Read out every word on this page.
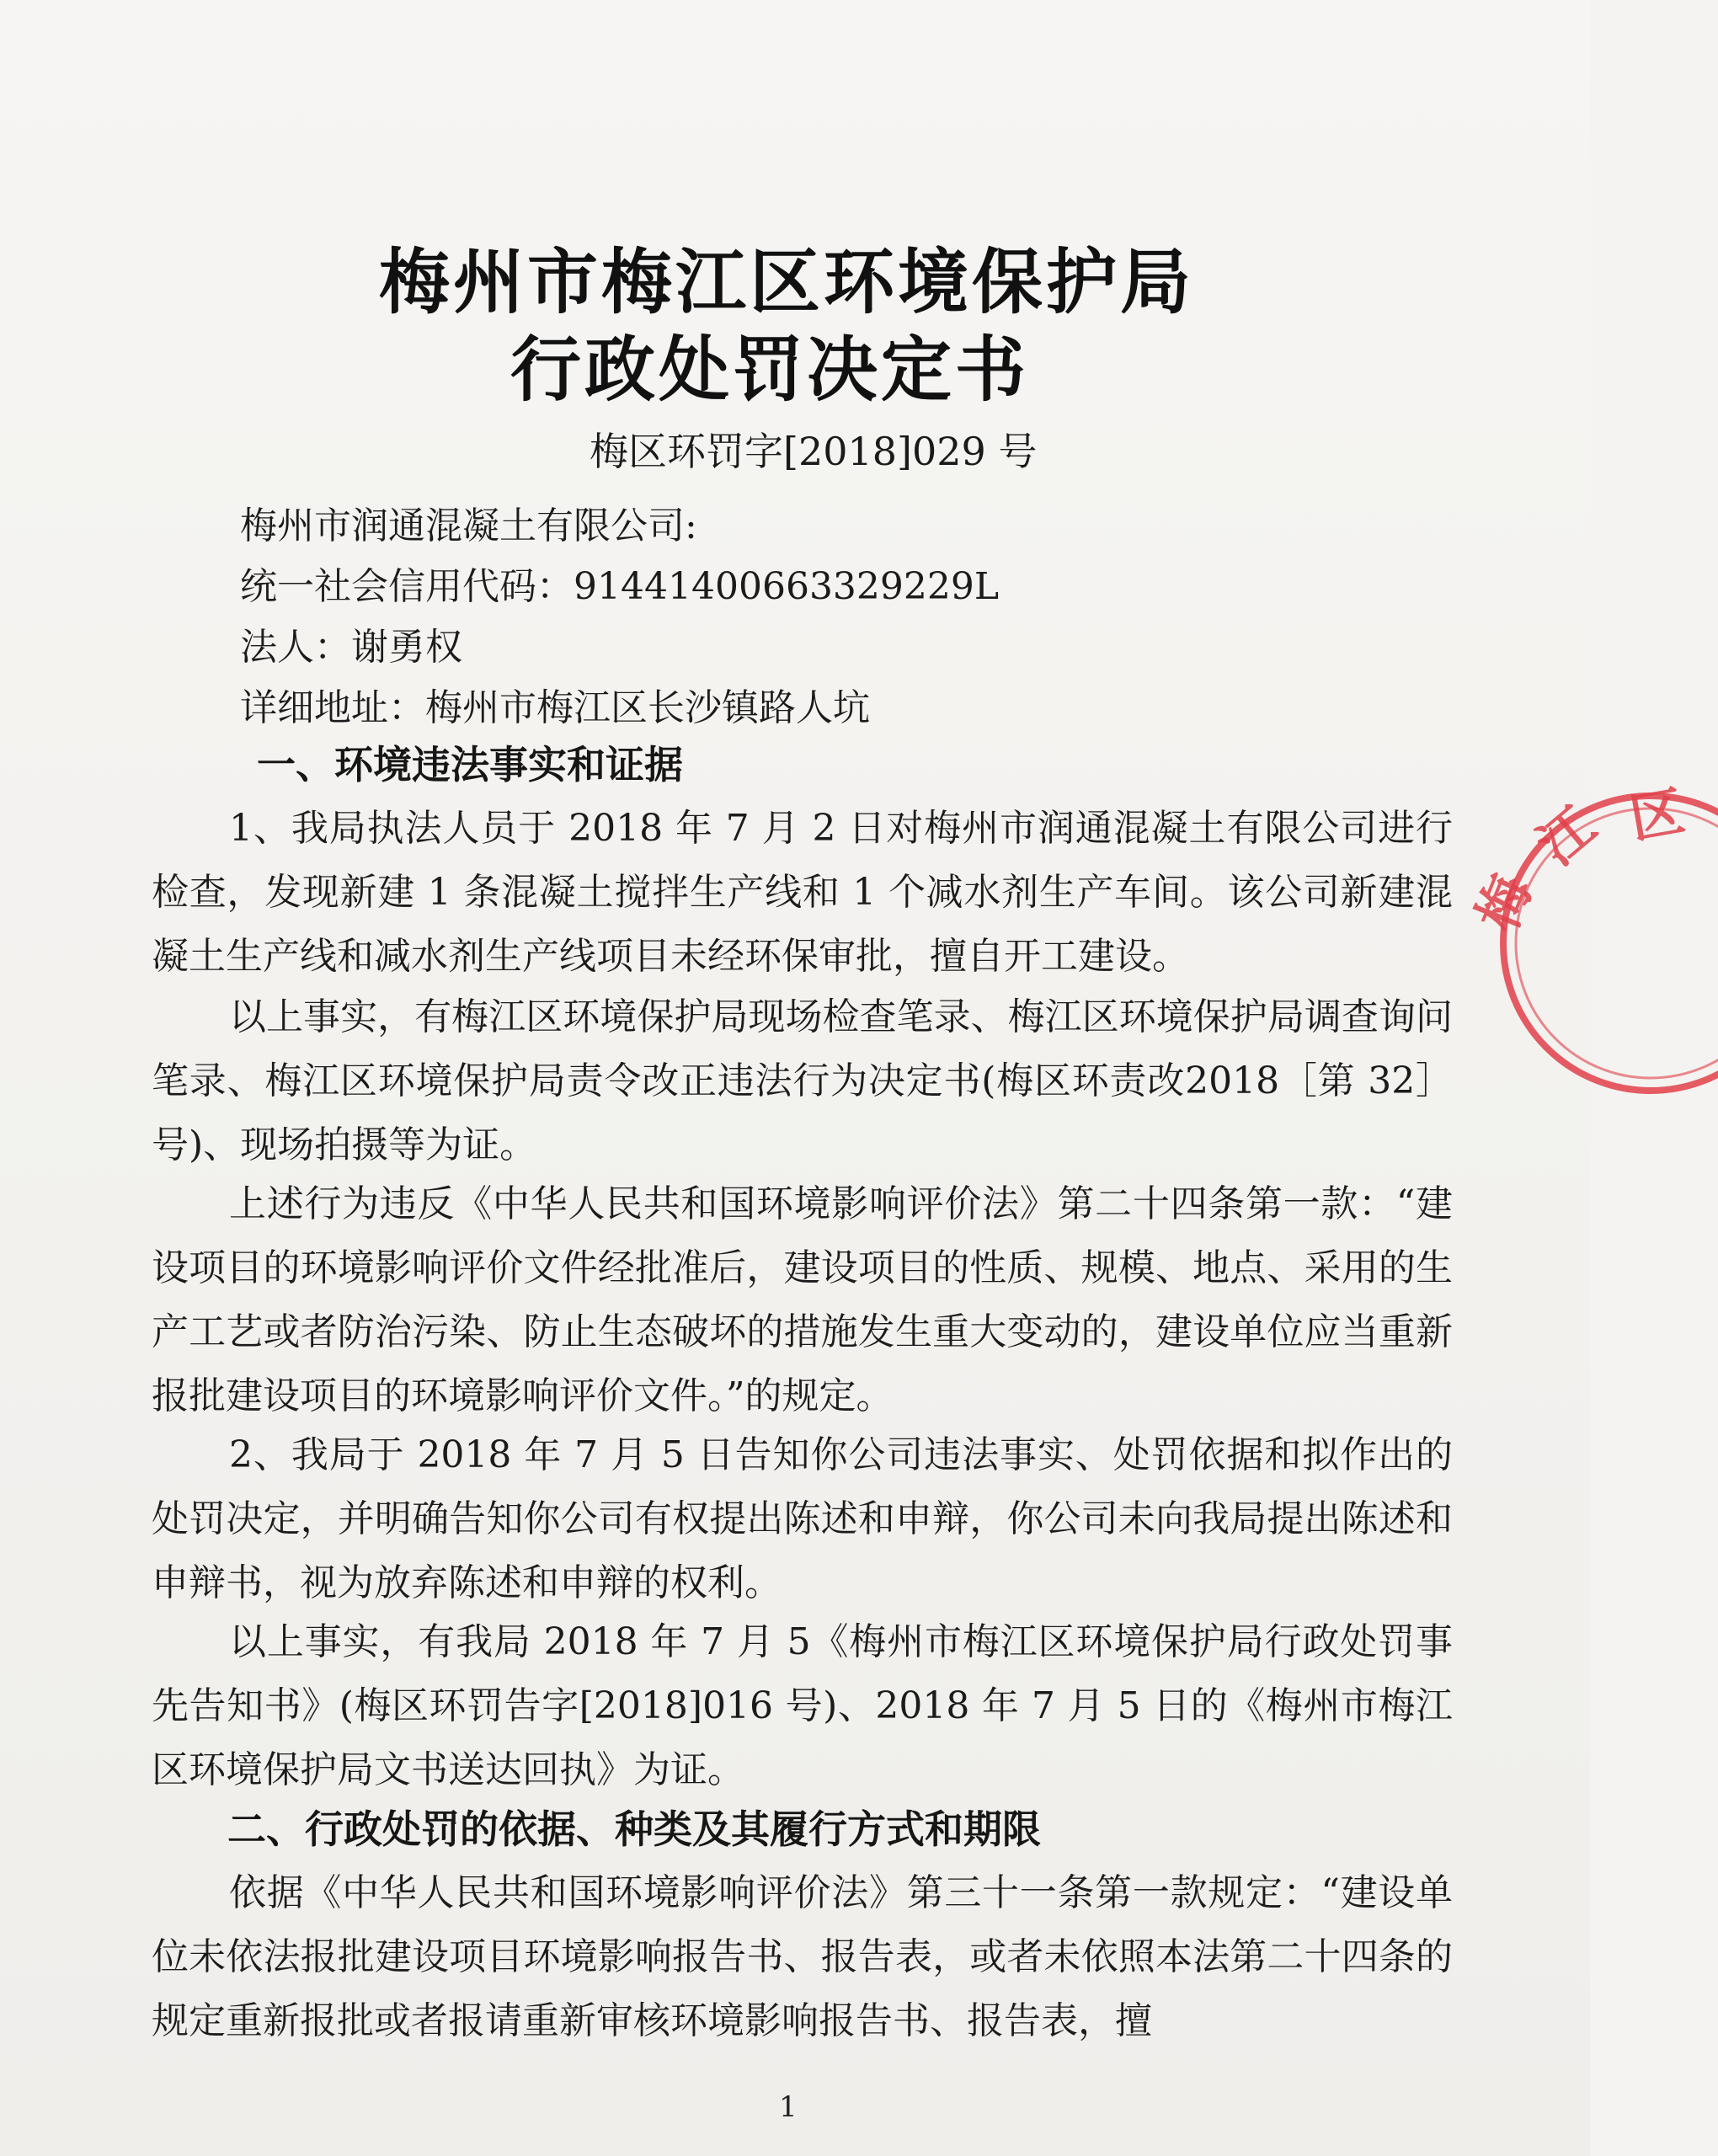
梅州市梅江区环境保护局
行政处罚决定书
梅区环罚字[2018]029 号
梅州市润通混凝土有限公司:
统一社会信用代码：91441400663329229L
法人：谢勇权
详细地址：梅州市梅江区长沙镇路人坑
一、环境违法事实和证据
1、我局执法人员于 2018 年 7 月 2 日对梅州市润通混凝土有限公司进行检查，发现新建 1 条混凝土搅拌生产线和 1 个减水剂生产车间。该公司新建混凝土生产线和减水剂生产线项目未经环保审批，擅自开工建设。
以上事实，有梅江区环境保护局现场检查笔录、梅江区环境保护局调查询问笔录、梅江区环境保护局责令改正违法行为决定书(梅区环责改2018［第 32］号)、现场拍摄等为证。
上述行为违反《中华人民共和国环境影响评价法》第二十四条第一款：“建设项目的环境影响评价文件经批准后，建设项目的性质、规模、地点、采用的生产工艺或者防治污染、防止生态破坏的措施发生重大变动的，建设单位应当重新报批建设项目的环境影响评价文件。”的规定。
2、我局于 2018 年 7 月 5 日告知你公司违法事实、处罚依据和拟作出的处罚决定，并明确告知你公司有权提出陈述和申辩，你公司未向我局提出陈述和申辩书，视为放弃陈述和申辩的权利。
以上事实，有我局 2018 年 7 月 5《梅州市梅江区环境保护局行政处罚事先告知书》(梅区环罚告字[2018]016 号)、2018 年 7 月 5 日的《梅州市梅江区环境保护局文书送达回执》为证。
二、行政处罚的依据、种类及其履行方式和期限
依据《中华人民共和国环境影响评价法》第三十一条第一款规定：“建设单位未依法报批建设项目环境影响报告书、报告表，或者未依照本法第二十四条的规定重新报批或者报请重新审核环境影响报告书、报告表，擅
1
梅
江 区
